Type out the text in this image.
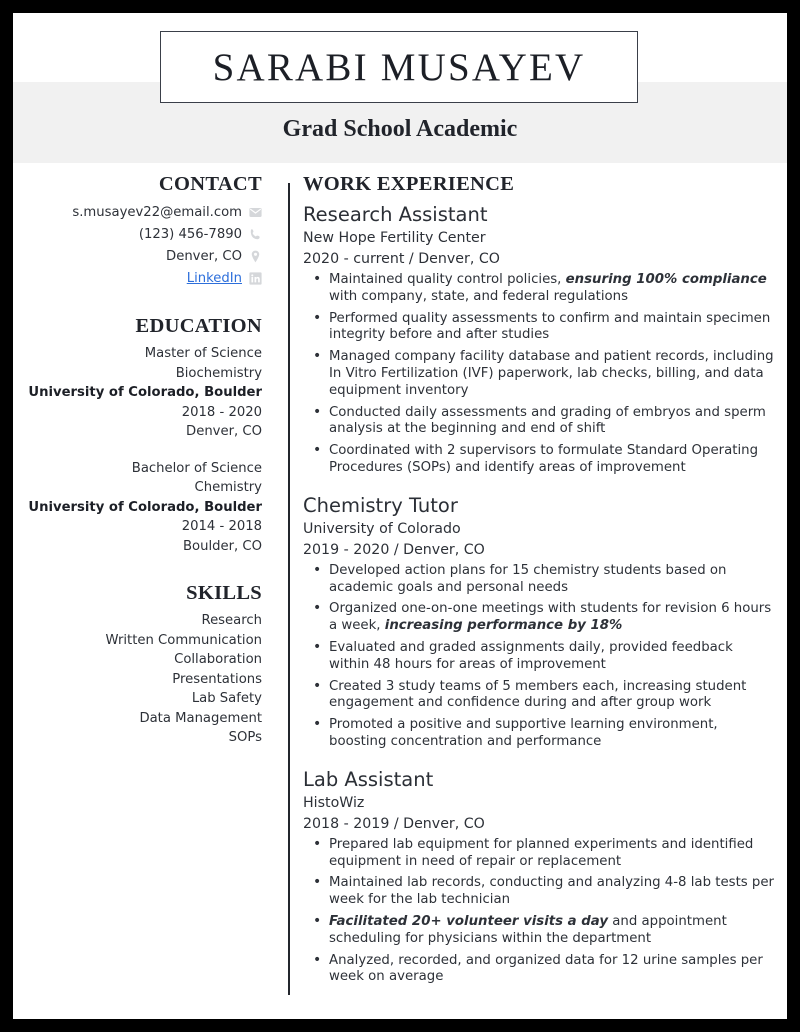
SARABI MUSAYEV
Grad School Academic
CONTACT
s.musayev22@email.com
(123) 456-7890
Denver, CO
LinkedIn
EDUCATION
Master of Science
Biochemistry
University of Colorado, Boulder
2018 - 2020
Denver, CO
Bachelor of Science
Chemistry
University of Colorado, Boulder
2014 - 2018
Boulder, CO
SKILLS
Research
Written Communication
Collaboration
Presentations
Lab Safety
Data Management
SOPs
WORK EXPERIENCE
Research Assistant
New Hope Fertility Center
2020 - current / Denver, CO
• Maintained quality control policies, ensuring 100% compliance with company, state, and federal regulations
• Performed quality assessments to confirm and maintain specimen integrity before and after studies
• Managed company facility database and patient records, including In Vitro Fertilization (IVF) paperwork, lab checks, billing, and data equipment inventory
• Conducted daily assessments and grading of embryos and sperm analysis at the beginning and end of shift
• Coordinated with 2 supervisors to formulate Standard Operating Procedures (SOPs) and identify areas of improvement
Chemistry Tutor
University of Colorado
2019 - 2020 / Denver, CO
• Developed action plans for 15 chemistry students based on academic goals and personal needs
• Organized one-on-one meetings with students for revision 6 hours a week, increasing performance by 18%
• Evaluated and graded assignments daily, provided feedback within 48 hours for areas of improvement
• Created 3 study teams of 5 members each, increasing student engagement and confidence during and after group work
• Promoted a positive and supportive learning environment, boosting concentration and performance
Lab Assistant
HistoWiz
2018 - 2019 / Denver, CO
• Prepared lab equipment for planned experiments and identified equipment in need of repair or replacement
• Maintained lab records, conducting and analyzing 4-8 lab tests per week for the lab technician
• Facilitated 20+ volunteer visits a day and appointment scheduling for physicians within the department
• Analyzed, recorded, and organized data for 12 urine samples per week on average
